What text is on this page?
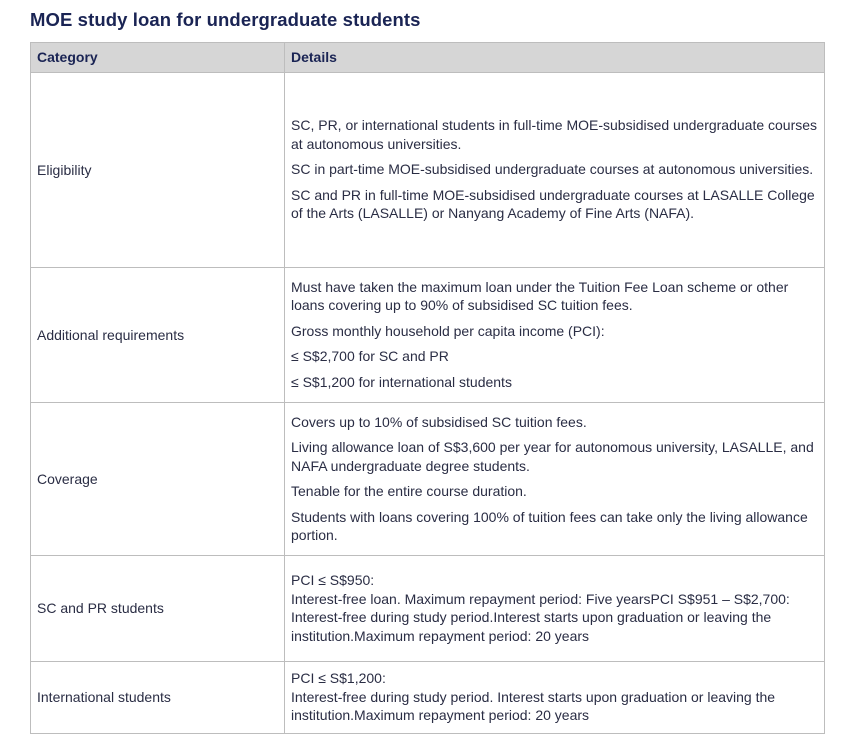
MOE study loan for undergraduate students
Category	Details
Eligibility	SC, PR, or international students in full-time MOE-subsidised undergraduate courses at autonomous universities.

SC in part-time MOE-subsidised undergraduate courses at autonomous universities.

SC and PR in full-time MOE-subsidised undergraduate courses at LASALLE College of the Arts (LASALLE) or Nanyang Academy of Fine Arts (NAFA).

Additional requirements	Must have taken the maximum loan under the Tuition Fee Loan scheme or other loans covering up to 90% of subsidised SC tuition fees.

Gross monthly household per capita income (PCI):

≤ S$2,700 for SC and PR

≤ S$1,200 for international students

Coverage	Covers up to 10% of subsidised SC tuition fees.

Living allowance loan of S$3,600 per year for autonomous university, LASALLE, and NAFA undergraduate degree students.

Tenable for the entire course duration.

Students with loans covering 100% of tuition fees can take only the living allowance portion.

SC and PR students	PCI ≤ S$950:

Interest-free loan. Maximum repayment period: Five yearsPCI S$951 – S$2,700:

Interest-free during study period.Interest starts upon graduation or leaving the institution.Maximum repayment period: 20 years

International students	PCI ≤ S$1,200:

Interest-free during study period. Interest starts upon graduation or leaving the institution.Maximum repayment period: 20 years
